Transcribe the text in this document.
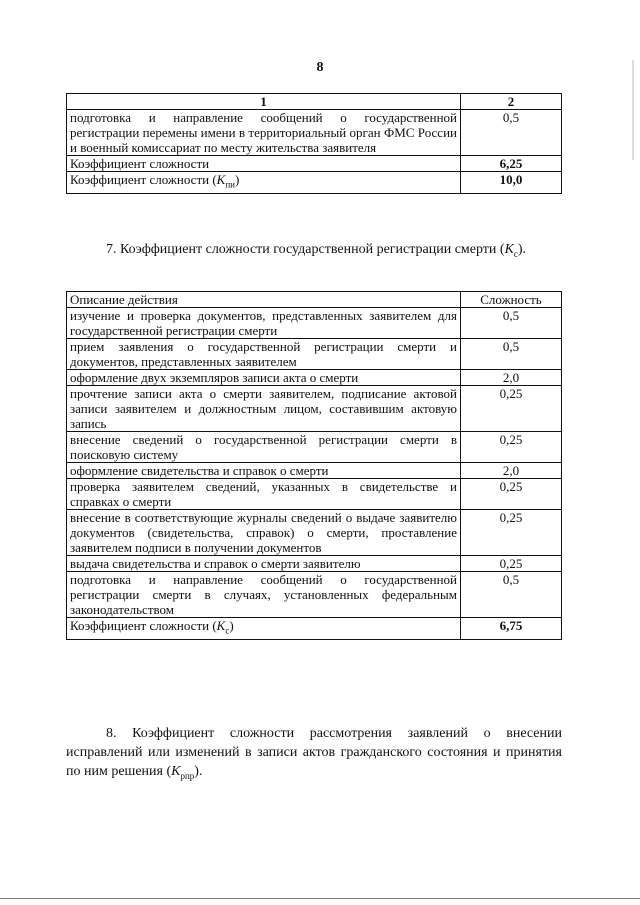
8
1	2
подготовка и направление сообщений о государственной регистрации перемены имени в территориальный орган ФМС России и военный комиссариат по месту жительства заявителя	0,5
Коэффициент сложности	6,25
Коэффициент сложности $(К_{пи})$	10,0
7. Коэффициент сложности государственной регистрации смерти $(К_с)$.
Описание действия	Сложность
изучение и проверка документов, представленных заявителем для государственной регистрации смерти	0,5
прием заявления о государственной регистрации смерти и документов, представленных заявителем	0,5
оформление двух экземпляров записи акта о смерти	2,0
прочтение записи акта о смерти заявителем, подписание актовой записи заявителем и должностным лицом, составившим актовую запись	0,25
внесение сведений о государственной регистрации смерти в поисковую систему	0,25
оформление свидетельства и справок о смерти	2,0
проверка заявителем сведений, указанных в свидетельстве и справках о смерти	0,25
внесение в соответствующие журналы сведений о выдаче заявителю документов (свидетельства, справок) о смерти, проставление заявителем подписи в получении документов	0,25
выдача свидетельства и справок о смерти заявителю	0,25
подготовка и направление сообщений о государственной регистрации смерти в случаях, установленных федеральным законодательством	0,5
Коэффициент сложности $(К_с)$	6,75
8. Коэффициент сложности рассмотрения заявлений о внесении исправлений или изменений в записи актов гражданского состояния и принятия по ним решения $(К_{рпр})$.
